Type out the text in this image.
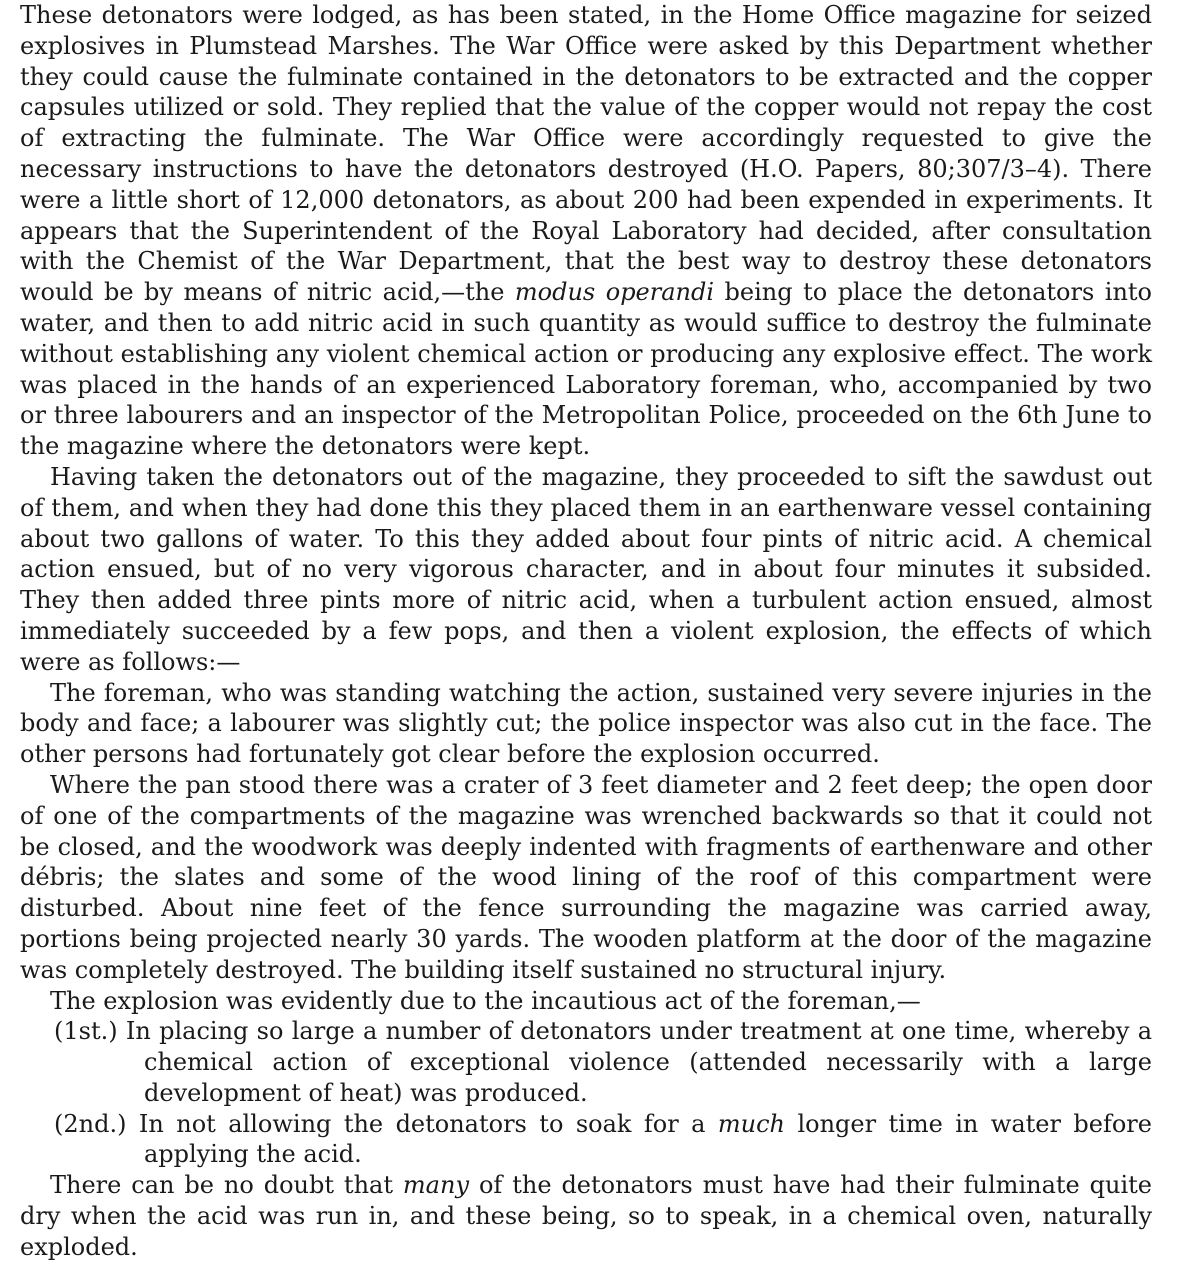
These detonators were lodged, as has been stated, in the Home Office magazine for seized explosives in Plumstead Marshes. The War Office were asked by this Department whether they could cause the fulminate contained in the detonators to be extracted and the copper capsules utilized or sold. They replied that the value of the copper would not repay the cost of extracting the fulminate. The War Office were accordingly requested to give the necessary instructions to have the detonators destroyed (H.O. Papers, 80;307/3–4). There were a little short of 12,000 detonators, as about 200 had been expended in experiments. It appears that the Superintendent of the Royal Laboratory had decided, after consultation with the Chemist of the War Department, that the best way to destroy these detonators would be by means of nitric acid,—the modus operandi being to place the detonators into water, and then to add nitric acid in such quantity as would suffice to destroy the fulminate without establishing any violent chemical action or producing any explosive effect. The work was placed in the hands of an experienced Laboratory foreman, who, accompanied by two or three labourers and an inspector of the Metropolitan Police, proceeded on the 6th June to the magazine where the detonators were kept.

Having taken the detonators out of the magazine, they proceeded to sift the sawdust out of them, and when they had done this they placed them in an earthenware vessel containing about two gallons of water. To this they added about four pints of nitric acid. A chemical action ensued, but of no very vigorous character, and in about four minutes it subsided. They then added three pints more of nitric acid, when a turbulent action ensued, almost immediately succeeded by a few pops, and then a violent explosion, the effects of which were as follows:—

The foreman, who was standing watching the action, sustained very severe injuries in the body and face; a labourer was slightly cut; the police inspector was also cut in the face. The other persons had fortunately got clear before the explosion occurred.

Where the pan stood there was a crater of 3 feet diameter and 2 feet deep; the open door of one of the compartments of the magazine was wrenched backwards so that it could not be closed, and the woodwork was deeply indented with fragments of earthenware and other débris; the slates and some of the wood lining of the roof of this compartment were disturbed. About nine feet of the fence surrounding the magazine was carried away, portions being projected nearly 30 yards. The wooden platform at the door of the magazine was completely destroyed. The building itself sustained no structural injury.

The explosion was evidently due to the incautious act of the foreman,—

(1st.) In placing so large a number of detonators under treatment at one time, whereby a chemical action of exceptional violence (attended necessarily with a large development of heat) was produced.

(2nd.) In not allowing the detonators to soak for a much longer time in water before applying the acid.

There can be no doubt that many of the detonators must have had their fulminate quite dry when the acid was run in, and these being, so to speak, in a chemical oven, naturally exploded.
